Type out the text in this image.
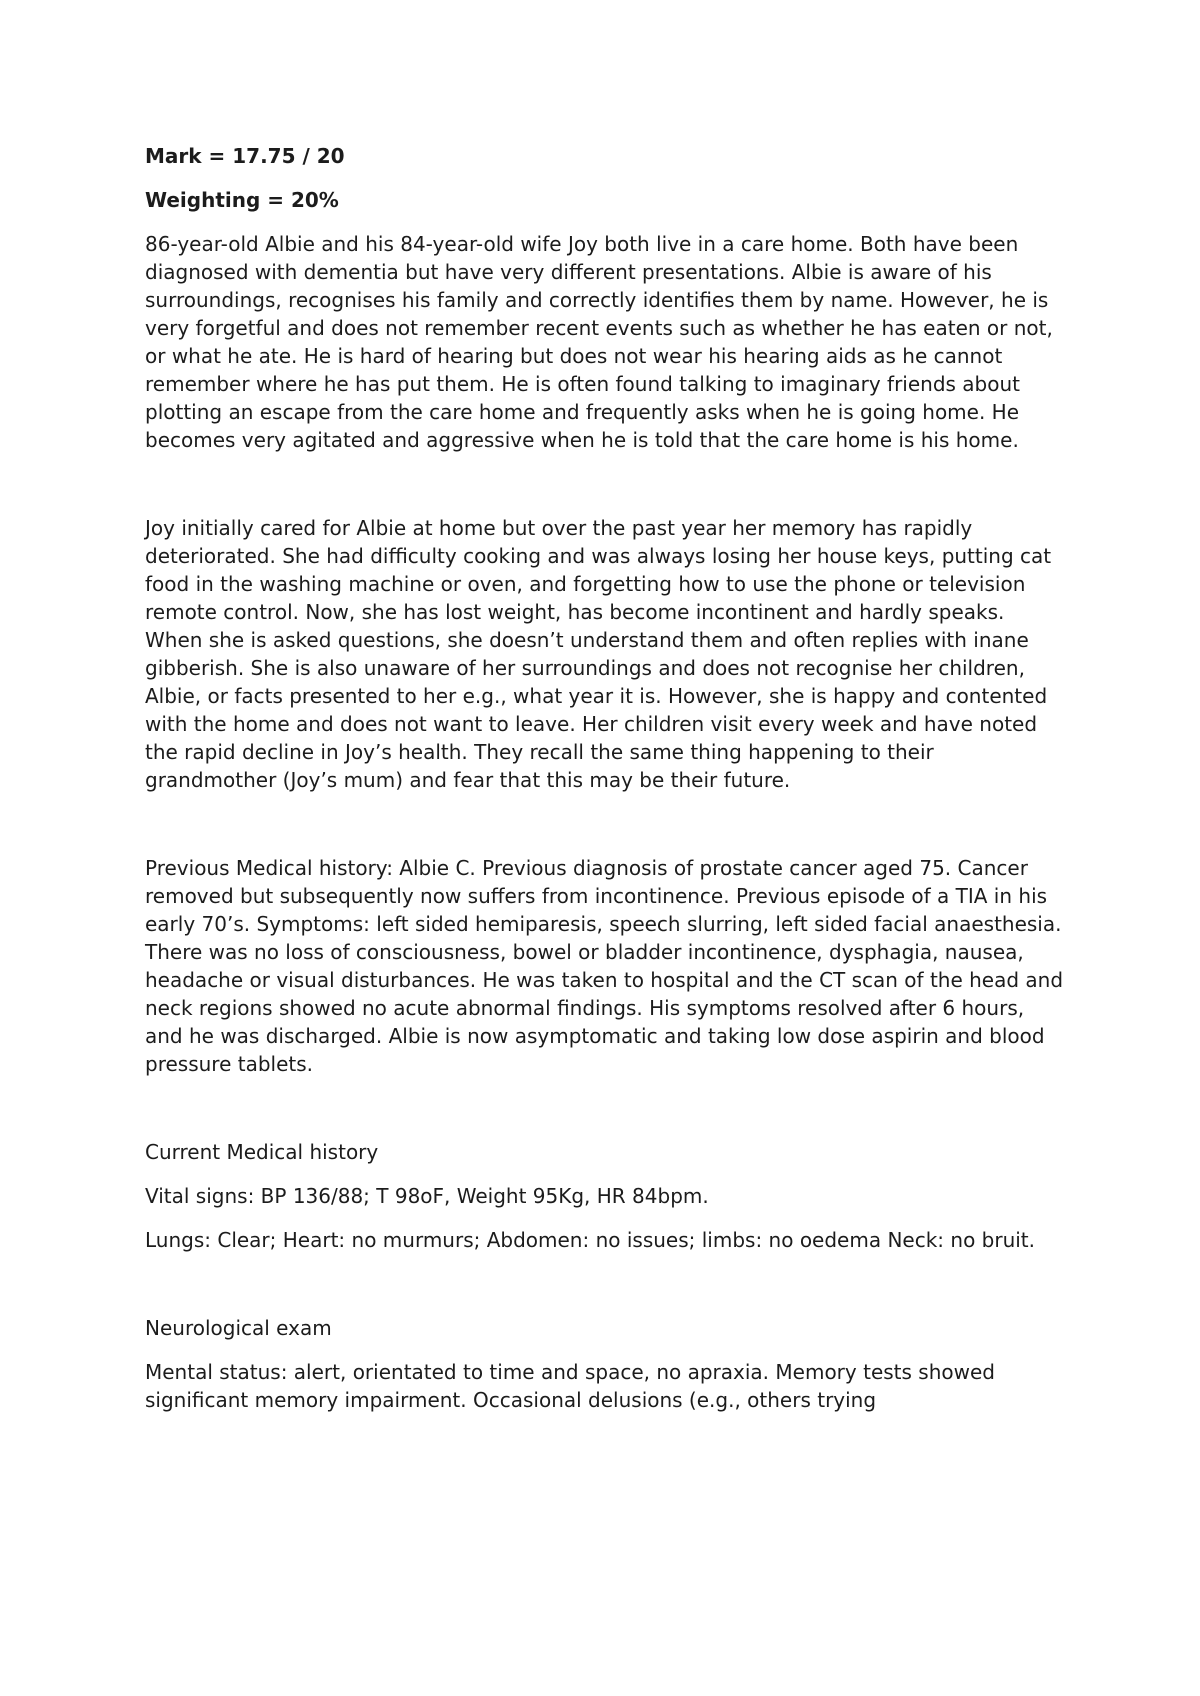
Mark = 17.75 / 20

Weighting = 20%

86-year-old Albie and his 84-year-old wife Joy both live in a care home. Both have been diagnosed with dementia but have very different presentations. Albie is aware of his surroundings, recognises his family and correctly identifies them by name. However, he is very forgetful and does not remember recent events such as whether he has eaten or not, or what he ate. He is hard of hearing but does not wear his hearing aids as he cannot remember where he has put them. He is often found talking to imaginary friends about plotting an escape from the care home and frequently asks when he is going home. He becomes very agitated and aggressive when he is told that the care home is his home.

Joy initially cared for Albie at home but over the past year her memory has rapidly deteriorated. She had difficulty cooking and was always losing her house keys, putting cat food in the washing machine or oven, and forgetting how to use the phone or television remote control. Now, she has lost weight, has become incontinent and hardly speaks. When she is asked questions, she doesn’t understand them and often replies with inane gibberish. She is also unaware of her surroundings and does not recognise her children, Albie, or facts presented to her e.g., what year it is. However, she is happy and contented with the home and does not want to leave. Her children visit every week and have noted the rapid decline in Joy’s health. They recall the same thing happening to their grandmother (Joy’s mum) and fear that this may be their future.

Previous Medical history: Albie C. Previous diagnosis of prostate cancer aged 75. Cancer removed but subsequently now suffers from incontinence. Previous episode of a TIA in his early 70’s. Symptoms: left sided hemiparesis, speech slurring, left sided facial anaesthesia. There was no loss of consciousness, bowel or bladder incontinence, dysphagia, nausea, headache or visual disturbances. He was taken to hospital and the CT scan of the head and neck regions showed no acute abnormal findings. His symptoms resolved after 6 hours, and he was discharged. Albie is now asymptomatic and taking low dose aspirin and blood pressure tablets.

Current Medical history

Vital signs: BP 136/88; T 98oF, Weight 95Kg, HR 84bpm.

Lungs: Clear; Heart: no murmurs; Abdomen: no issues; limbs: no oedema Neck: no bruit.

Neurological exam

Mental status: alert, orientated to time and space, no apraxia. Memory tests showed significant memory impairment. Occasional delusions (e.g., others trying
